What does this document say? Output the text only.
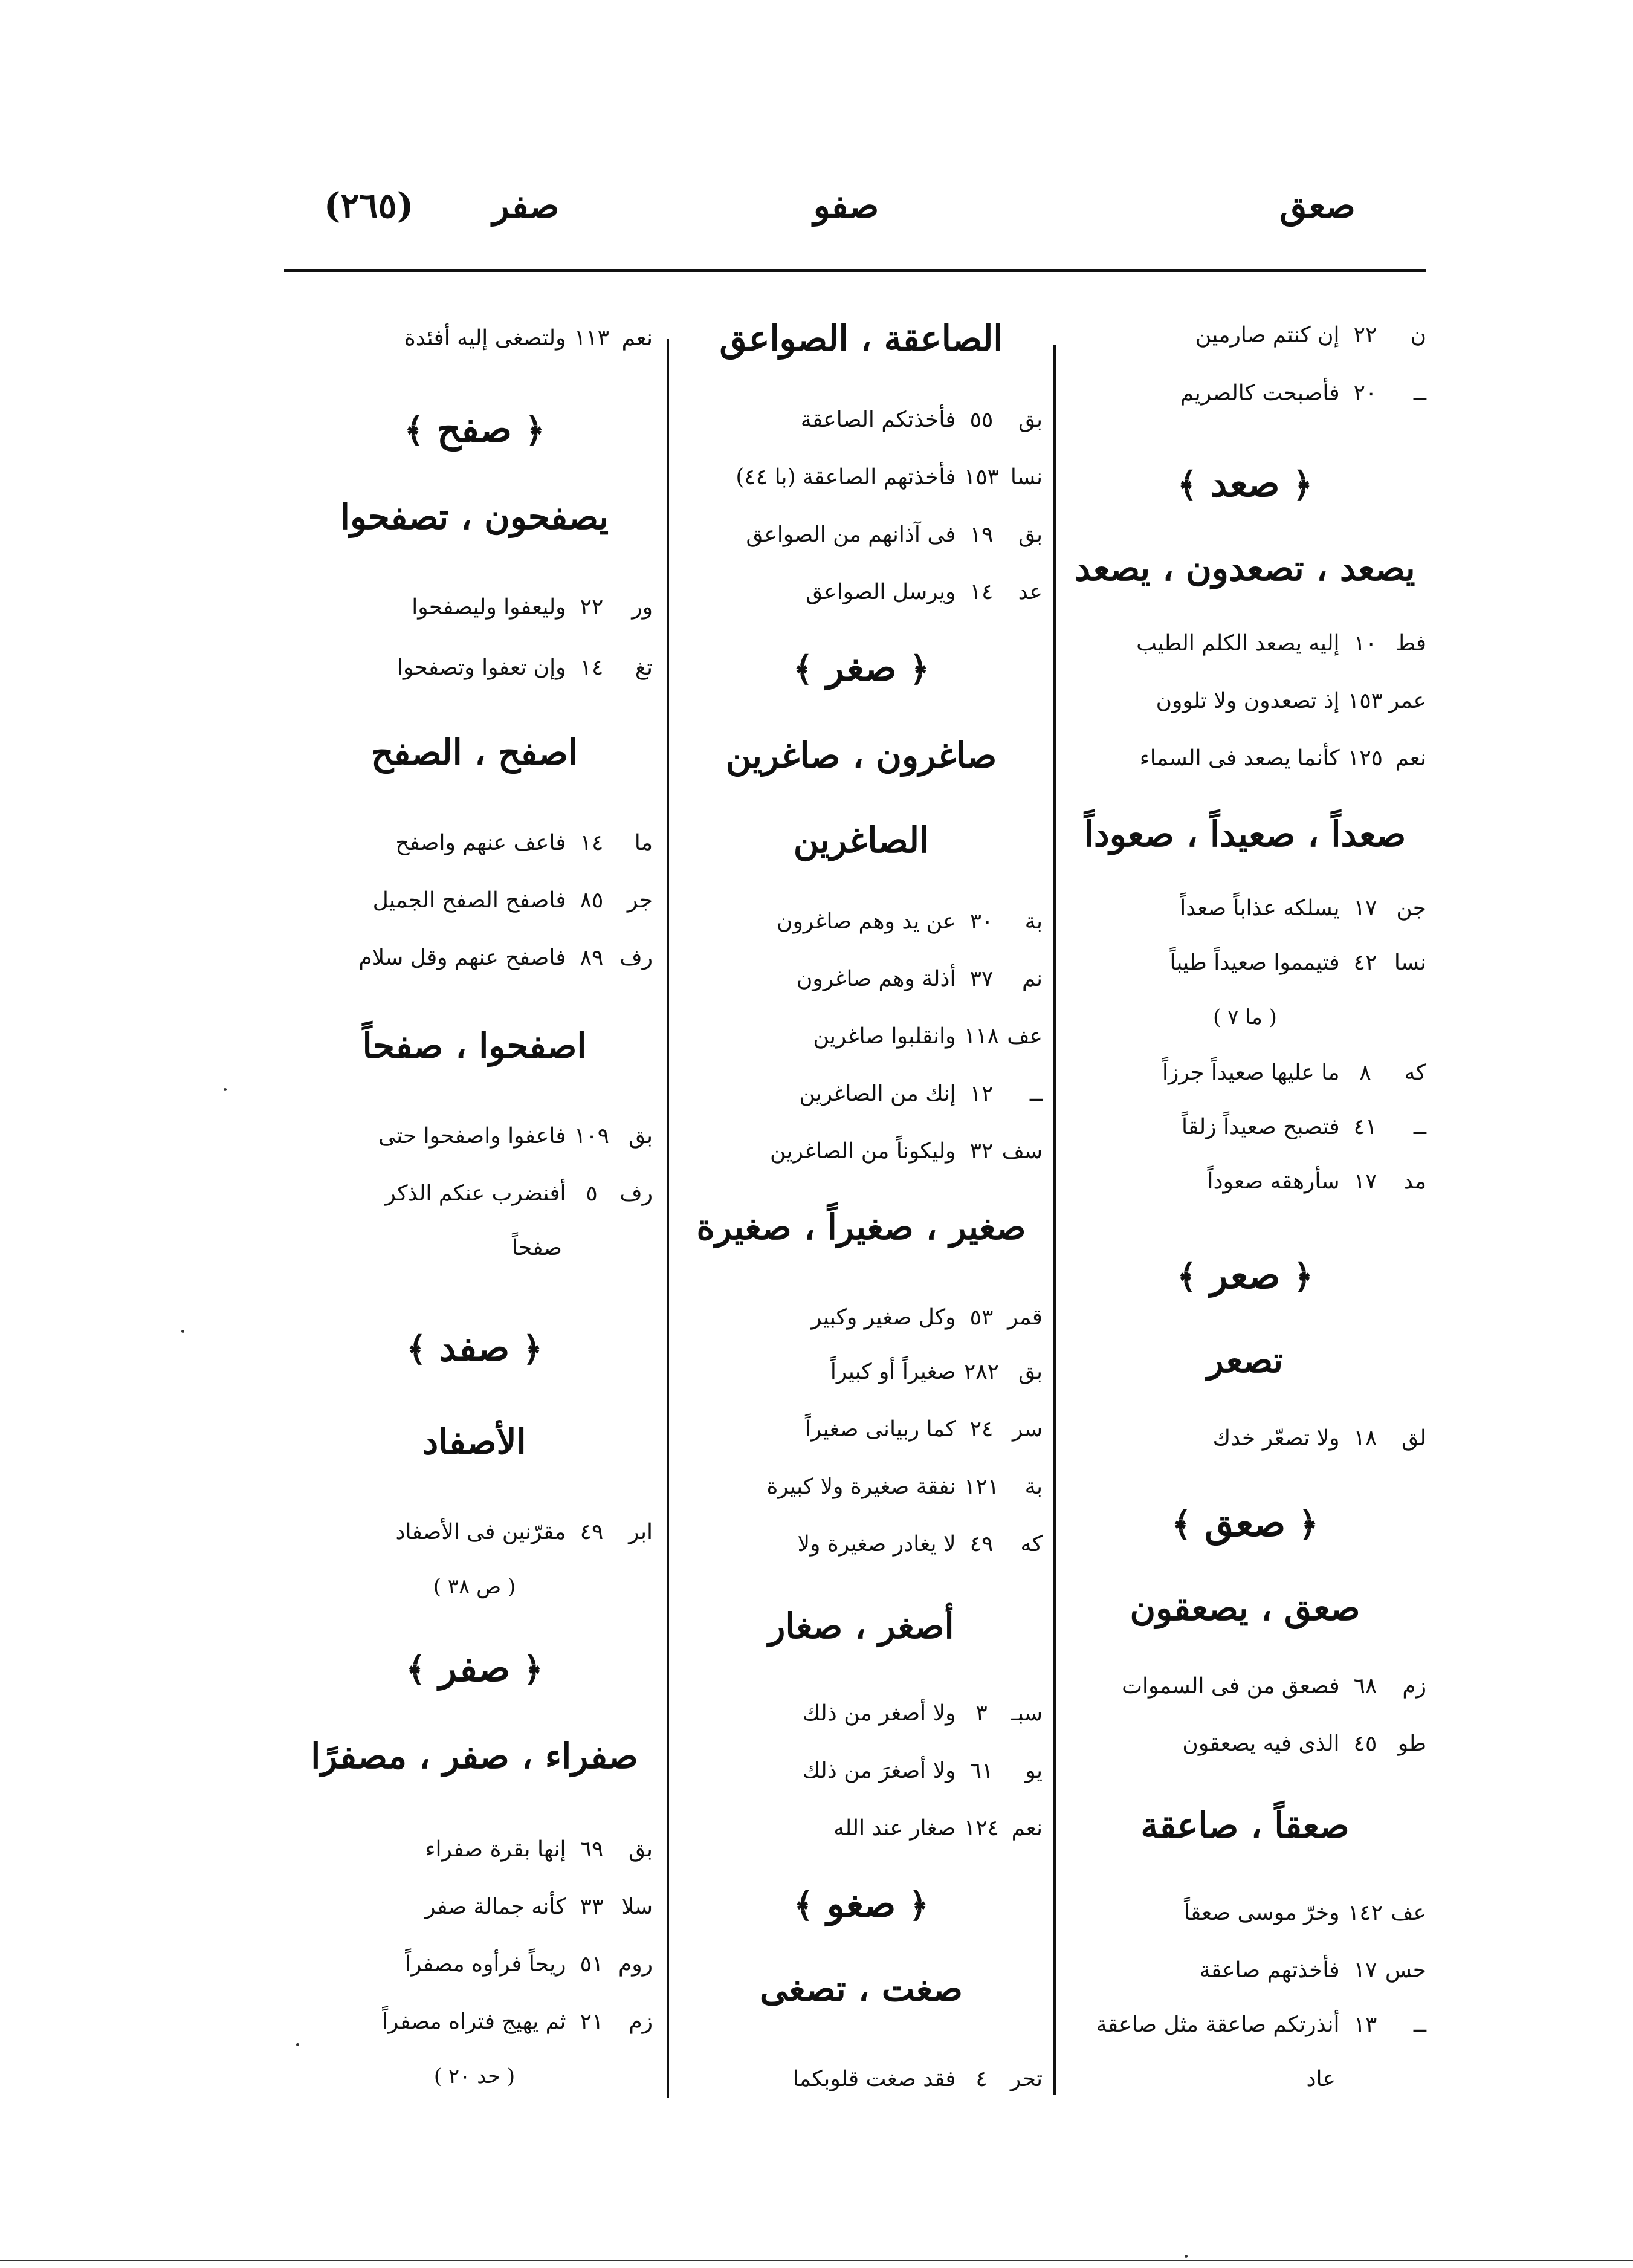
صعق
صفو
صفر
(٢٦٥)
ن٢٢ إن كنتم صارمين
ــ٢٠ فأصبحت كالصريم
﴿ صعد ﴾
يصعد ، تصعدون ، يصعد
فط١٠ إليه يصعد الكلم الطيب
عمر١٥٣ إذ تصعدون ولا تلوون
نعم١٢٥ كأنما يصعد فى السماء
صعداً ، صعيداً ، صعوداً
جن١٧ يسلكه عذاباً صعداً
نسا٤٢ فتيمموا صعيداً طيباً
( ما ٧ )
كه٨ ما عليها صعيداً جرزاً
ــ٤١ فتصبح صعيداً زلقاً
مد١٧ سأرهقه صعوداً
﴿ صعر ﴾
تصعر
لق١٨ ولا تصعّر خدك
﴿ صعق ﴾
صعق ، يصعقون
زم٦٨ فصعق من فى السموات
طو٤٥ الذى فيه يصعقون
صعقاً ، صاعقة
عف١٤٢ وخرّ موسى صعقاً
حس١٧ فأخذتهم صاعقة
ــ١٣ أنذرتكم صاعقة مثل صاعقة
عاد
الصاعقة ، الصواعق
بق٥٥ فأخذتكم الصاعقة
نسا١٥٣ فأخذتهم الصاعقة (با ٤٤)
بق١٩ فى آذانهم من الصواعق
عد١٤ ويرسل الصواعق
﴿ صغر ﴾
صاغرون ، صاغرين
الصاغرين
بة٣٠ عن يد وهم صاغرون
نم٣٧ أذلة وهم صاغرون
عف١١٨ وانقلبوا صاغرين
ــ١٢ إنك من الصاغرين
سف٣٢ وليكوناً من الصاغرين
صغير ، صغيراً ، صغيرة
قمر٥٣ وكل صغير وكبير
بق٢٨٢ صغيراً أو كبيراً
سر٢٤ كما ربيانى صغيراً
بة١٢١ نفقة صغيرة ولا كبيرة
كه٤٩ لا يغادر صغيرة ولا
أصغر ، صغار
سبـ٣ ولا أصغر من ذلك
يو٦١ ولا أصغرَ من ذلك
نعم١٢٤ صغار عند الله
﴿ صغو ﴾
صغت ، تصغى
تحر٤ فقد صغت قلوبكما
نعم١١٣ ولتصغى إليه أفئدة
﴿ صفح ﴾
يصفحون ، تصفحوا
ور٢٢ وليعفوا وليصفحوا
تغ١٤ وإن تعفوا وتصفحوا
اصفح ، الصفح
ما١٤ فاعف عنهم واصفح
جر٨٥ فاصفح الصفح الجميل
رف٨٩ فاصفح عنهم وقل سلام
اصفحوا ، صفحاً
بق١٠٩ فاعفوا واصفحوا حتى
رف٥ أفنضرب عنكم الذكر
صفحاً
﴿ صفد ﴾
الأصفاد
ابر٤٩ مقرّنين فى الأصفاد
( ص ٣٨ )
﴿ صفر ﴾
صفراء ، صفر ، مصفرًا
بق٦٩ إنها بقرة صفراء
سلا٣٣ كأنه جمالة صفر
روم٥١ ريحاً فرأوه مصفراً
زم٢١ ثم يهيج فتراه مصفراً
( حد ٢٠ )
